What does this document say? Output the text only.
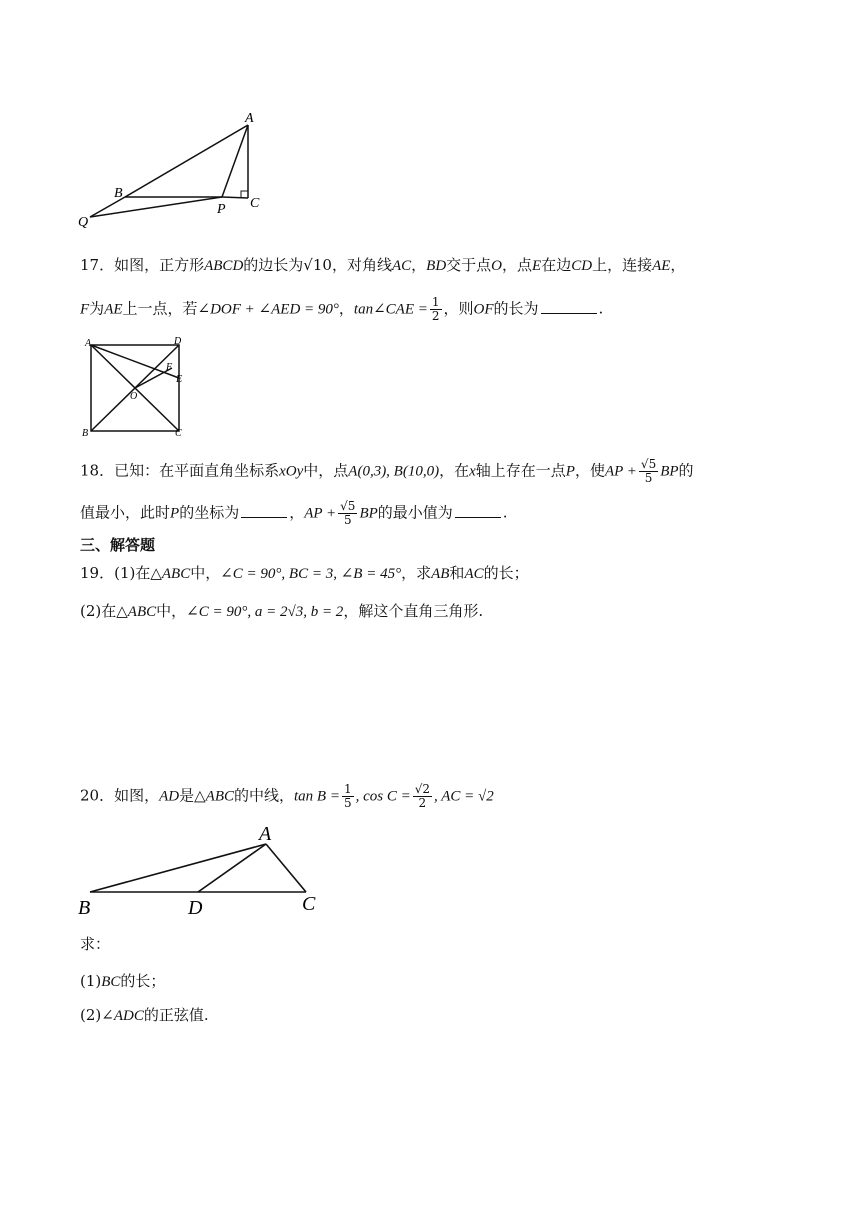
A
B
P C
Q
17．如图，正方形ABCD的边长为√10，对角线AC，BD交于点O，点E在边CD上，连接AE，
F为AE上一点，若∠DOF + ∠AED = 90°，tan∠CAE = $\frac{1}{2}$ ，则OF的长为	.
A	D
F
E
O
B	C
18．已知：在平面直角坐标系xOy中，点A(0,3), B(10,0)，在x轴上存在一点P，使AP + $\frac{√5}{5}$ BP的
值最小，此时P的坐标为	，AP + $\frac{√5}{5}$ BP的最小值为	.
三、解答题
19．(1)在△ABC中，∠C = 90°, BC = 3, ∠B = 45°，求AB和AC的长；
(2)在△ABC中，∠C = 90°, a = 2√3, b = 2，解这个直角三角形.
20．如图，AD是△ABC的中线，$\tan B = \frac{1}{5}$ , $\cos C = \frac{√2}{2}$ , AC = √2
A
B	D	C
求：
(1)BC的长；
(2)∠ADC的正弦值.
